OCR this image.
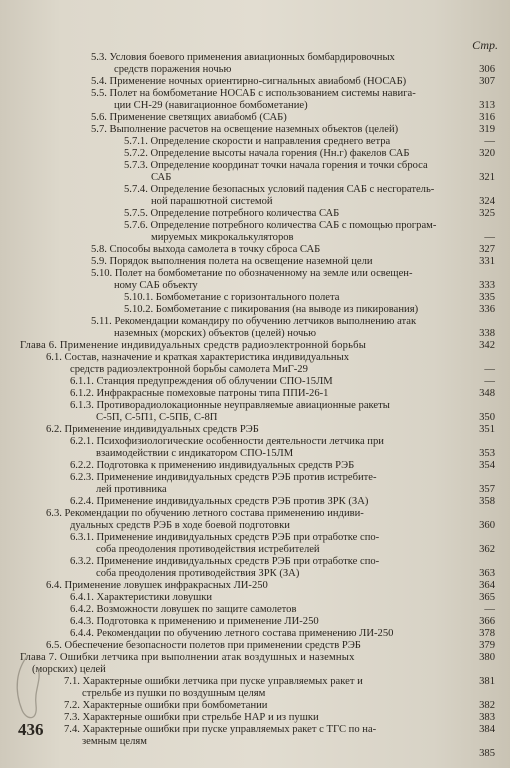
Стр.
5.3. Условия боевого применения авиационных бомбардировочных
средств поражения ночью	306
5.4. Применение ночных ориентирно-сигнальных авиабомб (НОСАБ)	307
5.5. Полет на бомбометание НОСАБ с использованием системы навига-
ции СН-29 (навигационное бомбометание)	313
5.6. Применение светящих авиабомб (САБ)	316
5.7. Выполнение расчетов на освещение наземных объектов (целей)	319
5.7.1. Определение скорости и направления среднего ветра	—
5.7.2. Определение высоты начала горения (Hн.г) факелов САБ	320
5.7.3. Определение координат точки начала горения и точки сброса
САБ	321
5.7.4. Определение безопасных условий падения САБ с несгоратель-
ной парашютной системой	324
5.7.5. Определение потребного количества САБ	325
5.7.6. Определение потребного количества САБ с помощью програм-
мируемых микрокалькуляторов	—
5.8. Способы выхода самолета в точку сброса САБ	327
5.9. Порядок выполнения полета на освещение наземной цели	331
5.10. Полет на бомбометание по обозначенному на земле или освещен-
ному САБ объекту	333
5.10.1. Бомбометание с горизонтального полета	335
5.10.2. Бомбометание с пикирования (на выводе из пикирования)	336
5.11. Рекомендации командиру по обучению летчиков выполнению атак
наземных (морских) объектов (целей) ночью	338
Глава 6. Применение индивидуальных средств радиоэлектронной борьбы	342
6.1. Состав, назначение и краткая характеристика индивидуальных
средств радиоэлектронной борьбы самолета МиГ-29	—
6.1.1. Станция предупреждения об облучении СПО-15ЛМ	—
6.1.2. Инфракрасные помеховые патроны типа ППИ-26-1	348
6.1.3. Противорадиолокационные неуправляемые авиационные ракеты
С-5П, С-5П1, С-5ПБ, С-8П	350
6.2. Применение индивидуальных средств РЭБ	351
6.2.1. Психофизиологические особенности деятельности летчика при
взаимодействии с индикатором СПО-15ЛМ	353
6.2.2. Подготовка к применению индивидуальных средств РЭБ	354
6.2.3. Применение индивидуальных средств РЭБ против истребите-
лей противника	357
6.2.4. Применение индивидуальных средств РЭБ против ЗРК (ЗА)	358
6.3. Рекомендации по обучению летного состава применению индиви-
дуальных средств РЭБ в ходе боевой подготовки	360
6.3.1. Применение индивидуальных средств РЭБ при отработке спо-
соба преодоления противодействия истребителей	362
6.3.2. Применение индивидуальных средств РЭБ при отработке спо-
соба преодоления противодействия ЗРК (ЗА)	363
6.4. Применение ловушек инфракрасных ЛИ-250	364
6.4.1. Характеристики ловушки	365
6.4.2. Возможности ловушек по защите самолетов	—
6.4.3. Подготовка к применению и применение ЛИ-250	366
6.4.4. Рекомендации по обучению летного состава применению ЛИ-250	378
6.5. Обеспечение безопасности полетов при применении средств РЭБ	379
Глава 7. Ошибки летчика при выполнении атак воздушных и наземных	380
(морских) целей
7.1. Характерные ошибки летчика при пуске управляемых ракет и	381
стрельбе из пушки по воздушным целям
7.2. Характерные ошибки при бомбометании	382
7.3. Характерные ошибки при стрельбе НАР и из пушки	383
7.4. Характерные ошибки при пуске управляемых ракет с ТГС по на-	384
земным целям
385
436
